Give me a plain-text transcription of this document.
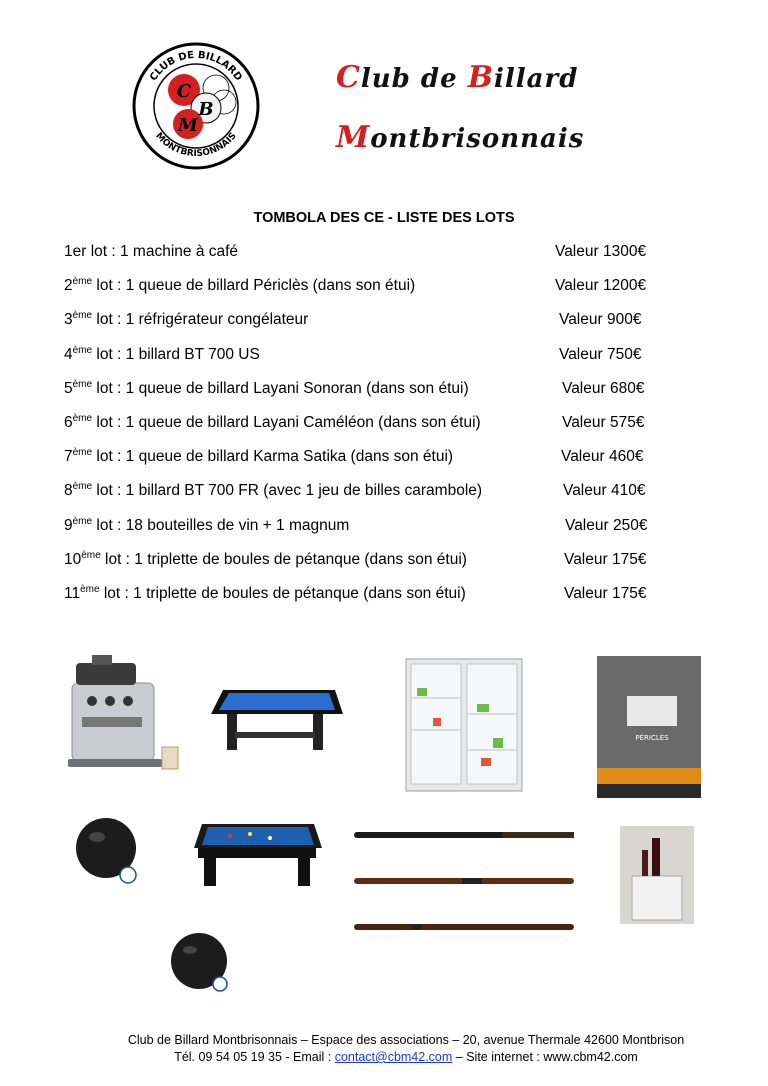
CLUB DE BILLARD
MONTBRISONNAIS
C
B
M
Club de Billard
Montbrisonnais
TOMBOLA DES CE - LISTE DES LOTS
1er lot : 1 machine à café	Valeur 1300€
2ème lot : 1 queue de billard Périclès (dans son étui)	Valeur 1200€
3ème lot : 1 réfrigérateur congélateur	Valeur 900€
4ème lot : 1 billard BT 700 US	Valeur 750€
5ème lot : 1 queue de billard Layani Sonoran (dans son étui)	Valeur 680€
6ème lot : 1 queue de billard Layani Caméléon (dans son étui)	Valeur 575€
7ème lot : 1 queue de billard Karma Satika (dans son étui)	Valeur 460€
8ème lot : 1 billard BT 700 FR (avec 1 jeu de billes carambole)	Valeur 410€
9ème lot : 18 bouteilles de vin + 1 magnum	Valeur 250€
10ème lot : 1 triplette de boules de pétanque (dans son étui)	Valeur 175€
11ème lot : 1 triplette de boules de pétanque (dans son étui)	Valeur 175€
PÉRICLÈS
Club de Billard Montbrisonnais – Espace des associations – 20, avenue Thermale 42600 Montbrison
Tél. 09 54 05 19 35 - Email : contact@cbm42.com – Site internet : www.cbm42.com
